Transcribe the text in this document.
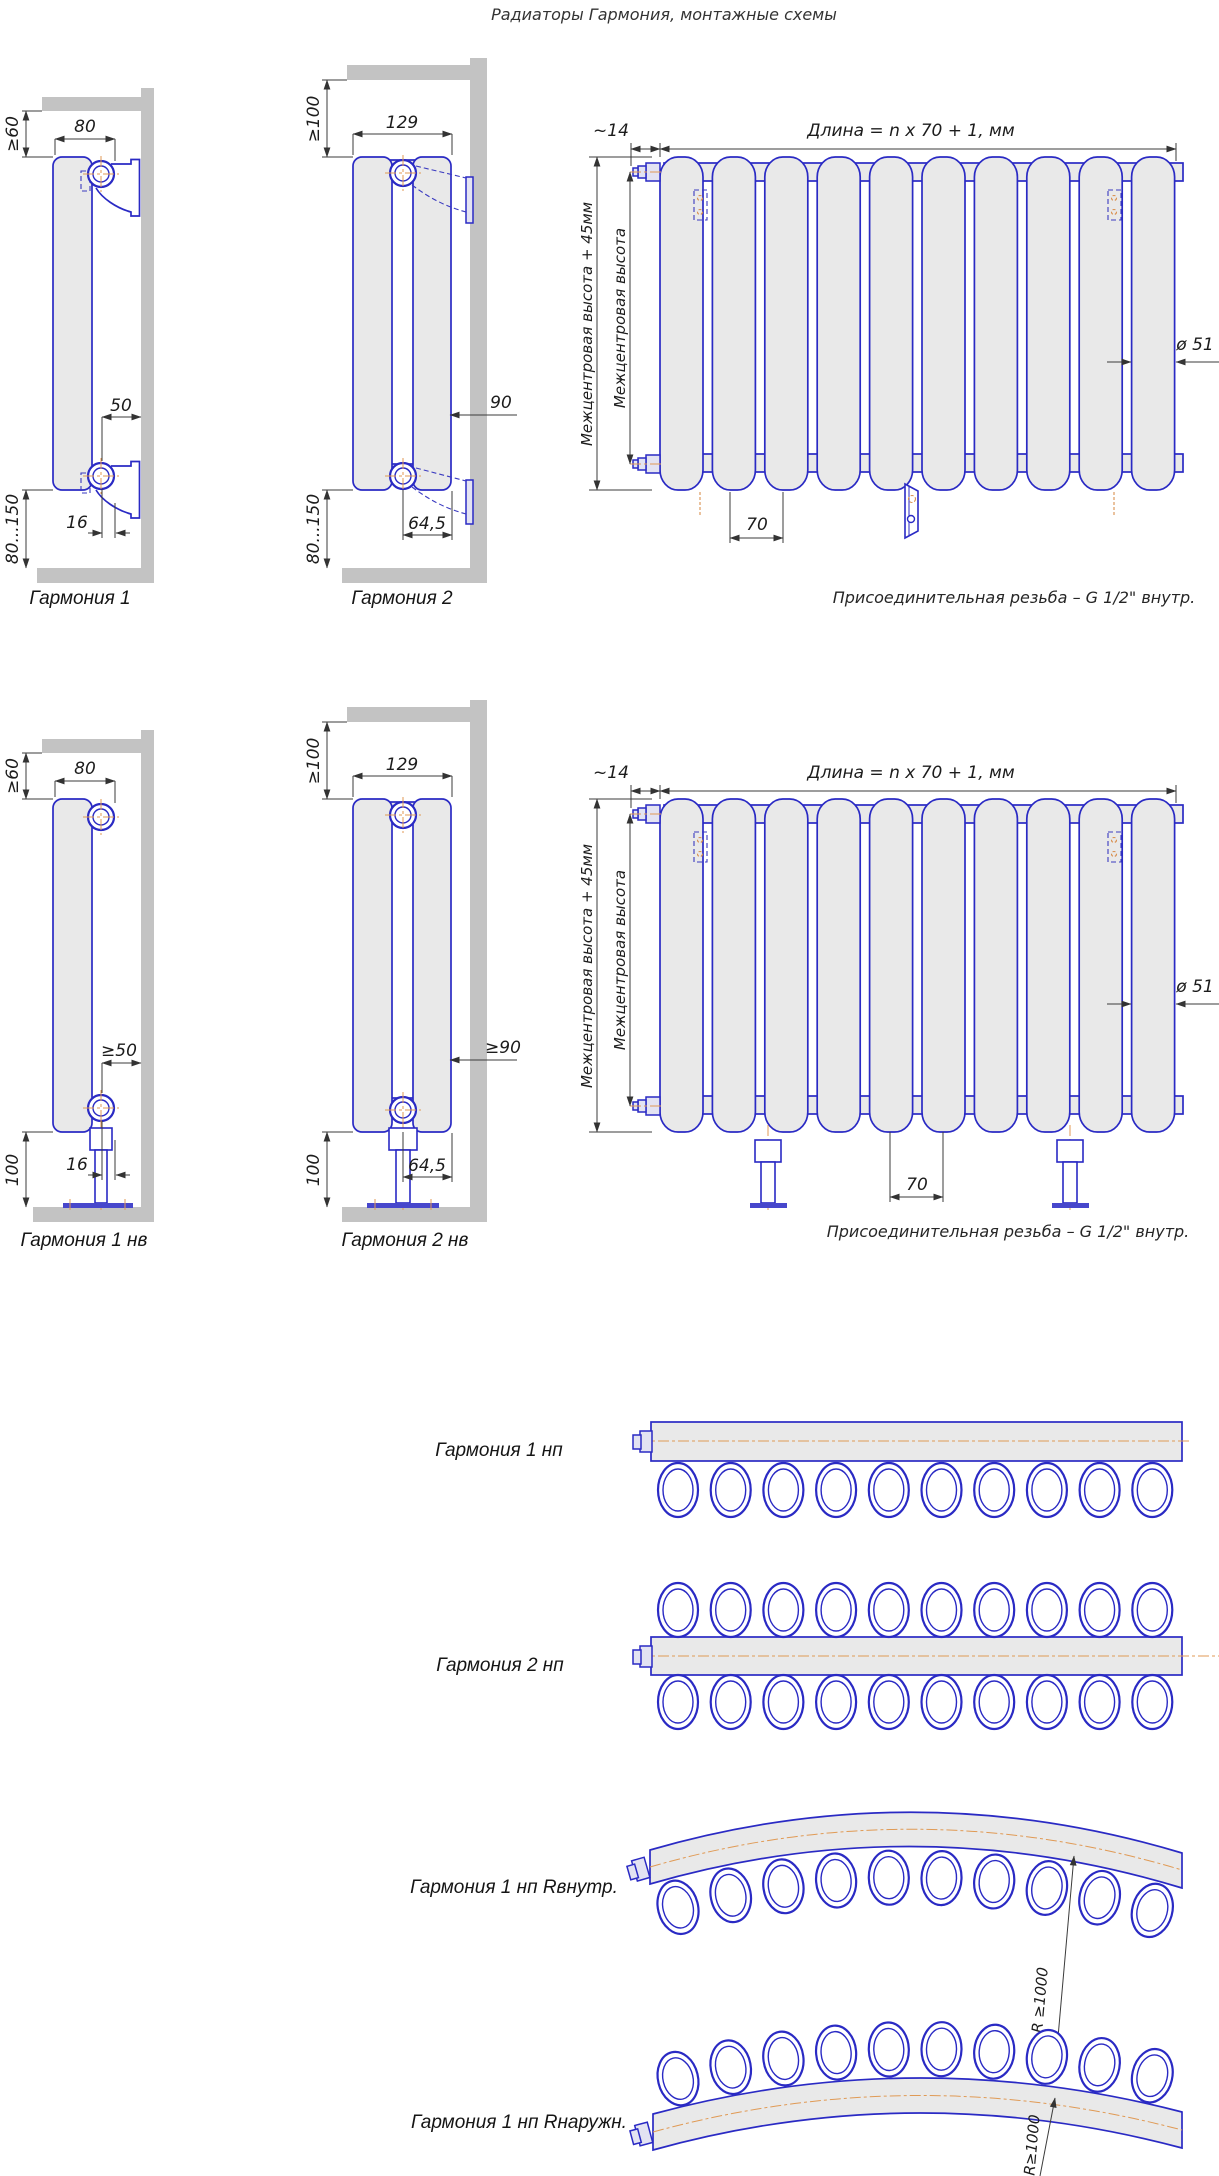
Радиаторы Гармония, монтажные схемы
≥60	80
50
16
80...150
Гармония 1
≥100	129
90
64,5
80...150
Гармония 2
~14	Длина = n x 70 + 1, мм
Межцентровая высота + 45мм Межцентровая высота	ø 51
70
Присоединительная резьба – G 1/2" внутр.
≥60	80
≥50
16
100
Гармония 1 нв
≥100	129
≥90
64,5
100
Гармония 2 нв
~14	Длина = n x 70 + 1, мм
Межцентровая высота + 45мм Межцентровая высота	ø 51
70
Присоединительная резьба – G 1/2" внутр.
Гармония 1 нп
Гармония 2 нп
R ≥1000
Гармония 1 нп Rвнутр.
R≥1000
Гармония 1 нп Rнаружн.
